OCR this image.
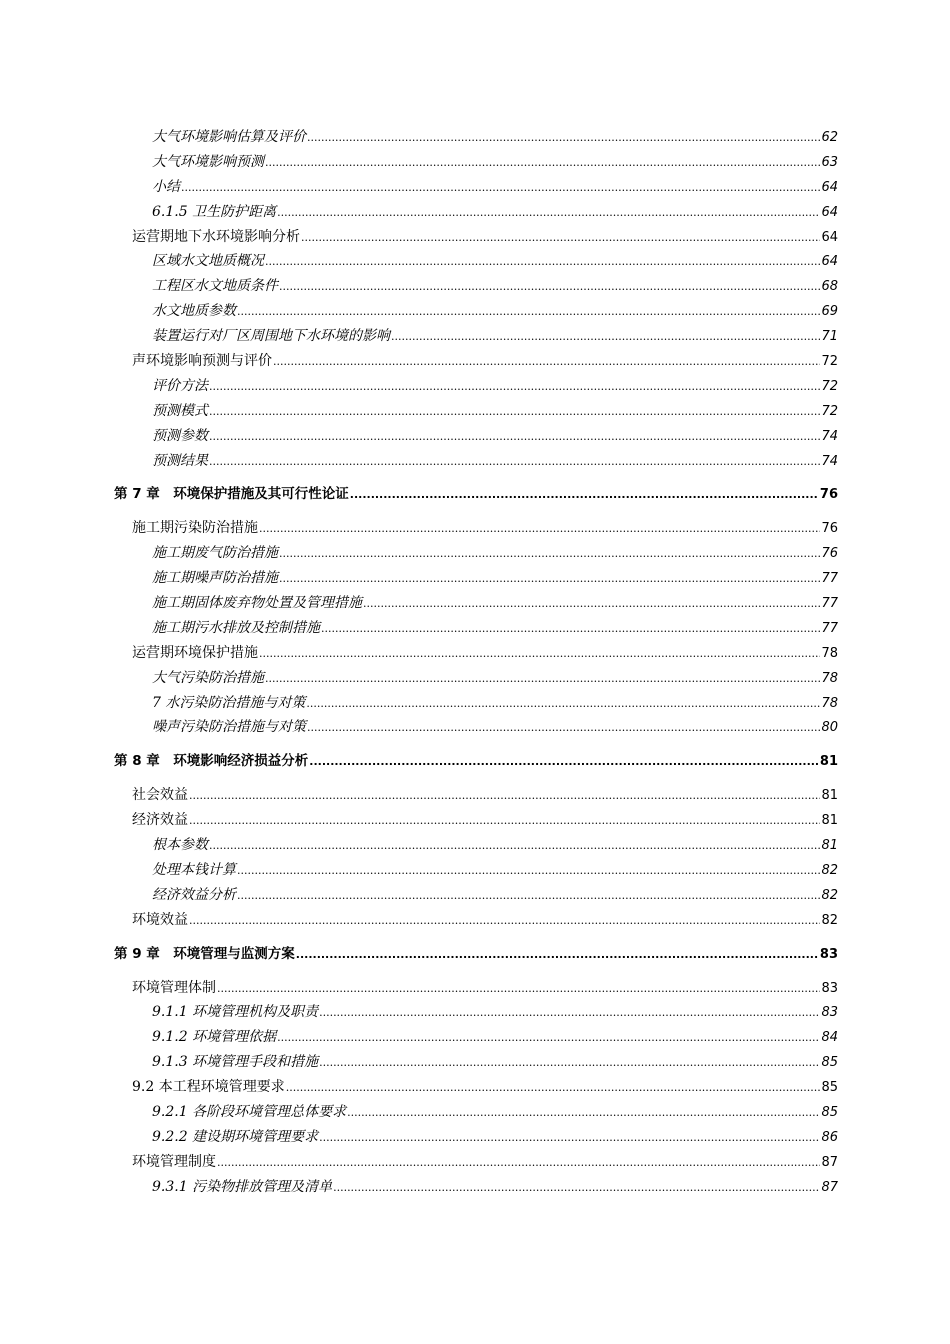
大气环境影响估算及评价 .....	62
大气环境影响预测 .....	63
小结 .....	64
6.1.5 卫生防护距离 .....	64
运营期地下水环境影响分析 .....	64
区域水文地质概况 .....	64
工程区水文地质条件 .....	68
水文地质参数 .....	69
装置运行对厂区周围地下水环境的影响 .....	71
声环境影响预测与评价 .....	72
评价方法 .....	72
预测模式 .....	72
预测参数 .....	74
预测结果 .....	74
第 7 章　环境保护措施及其可行性论证 .....	76
施工期污染防治措施 .....	76
施工期废气防治措施 .....	76
施工期噪声防治措施 .....	77
施工期固体废弃物处置及管理措施 .....	77
施工期污水排放及控制措施 .....	77
运营期环境保护措施 .....	78
大气污染防治措施 .....	78
7 水污染防治措施与对策 .....	78
噪声污染防治措施与对策 .....	80
第 8 章　环境影响经济损益分析 .....	81
社会效益 .....	81
经济效益 .....	81
根本参数 .....	81
处理本钱计算 .....	82
经济效益分析 .....	82
环境效益 .....	82
第 9 章　环境管理与监测方案 .....	83
环境管理体制 .....	83
9.1.1 环境管理机构及职责 .....	83
9.1.2 环境管理依据 .....	84
9.1.3 环境管理手段和措施 .....	85
9.2 本工程环境管理要求 .....	85
9.2.1 各阶段环境管理总体要求 .....	85
9.2.2 建设期环境管理要求 .....	86
环境管理制度 .....	87
9.3.1 污染物排放管理及清单 .....	87
